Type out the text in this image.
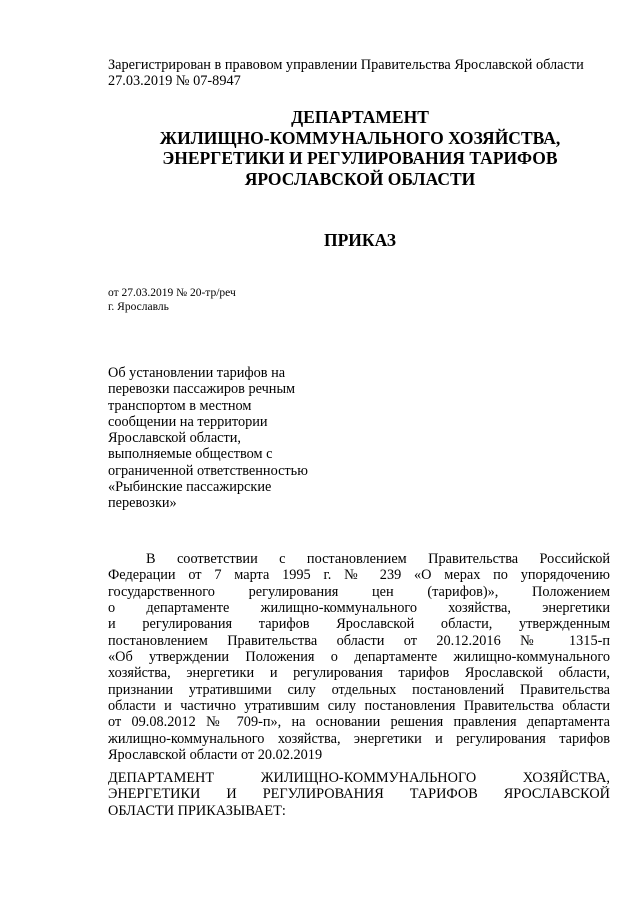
Зарегистрирован в правовом управлении Правительства Ярославской области
27.03.2019 № 07-8947
ДЕПАРТАМЕНТ
ЖИЛИЩНО-КОММУНАЛЬНОГО ХОЗЯЙСТВА,
ЭНЕРГЕТИКИ И РЕГУЛИРОВАНИЯ ТАРИФОВ
ЯРОСЛАВСКОЙ ОБЛАСТИ
ПРИКАЗ
от 27.03.2019 № 20-тр/реч
г. Ярославль
Об установлении тарифов на
перевозки пассажиров речным
транспортом в местном
сообщении на территории
Ярославской области,
выполняемые обществом с
ограниченной ответственностью
«Рыбинские пассажирские
перевозки»
В соответствии с постановлением Правительства Российской
Федерации от 7 марта 1995 г. № 239 «О мерах по упорядочению
государственного регулирования цен (тарифов)», Положением
о департаменте жилищно-коммунального хозяйства, энергетики
и регулирования тарифов Ярославской области, утвержденным
постановлением Правительства области от 20.12.2016 № 1315-п
«Об утверждении Положения о департаменте жилищно-коммунального
хозяйства, энергетики и регулирования тарифов Ярославской области,
признании утратившими силу отдельных постановлений Правительства
области и частично утратившим силу постановления Правительства области
от 09.08.2012 № 709-п», на основании решения правления департамента
жилищно-коммунального хозяйства, энергетики и регулирования тарифов
Ярославской области от 20.02.2019
ДЕПАРТАМЕНТ ЖИЛИЩНО-КОММУНАЛЬНОГО ХОЗЯЙСТВА,
ЭНЕРГЕТИКИ И РЕГУЛИРОВАНИЯ ТАРИФОВ ЯРОСЛАВСКОЙ
ОБЛАСТИ ПРИКАЗЫВАЕТ:
